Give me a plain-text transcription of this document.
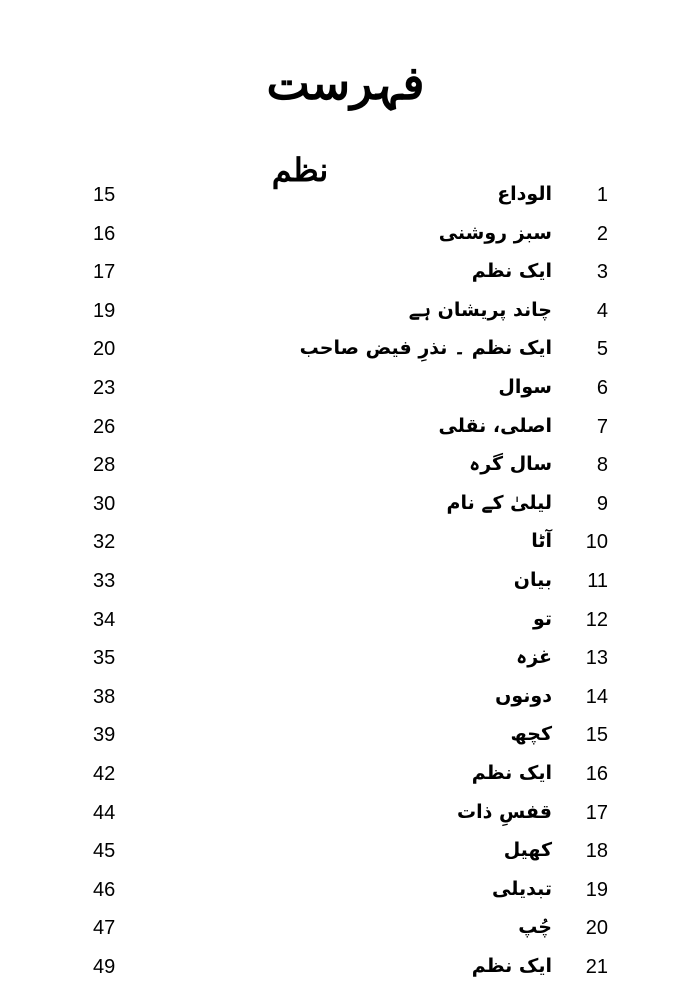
فہرست
نظم
1
الوداع
15
2
سبز روشنی
16
3
ایک نظم
17
4
چاند پریشان ہے
19
5
ایک نظم ۔ نذرِ فیض صاحب
20
6
سوال
23
7
اصلی، نقلی
26
8
سال گرہ
28
9
لیلیٰ کے نام
30
10
آٹا
32
11
بیان
33
12
تو
34
13
غزہ
35
14
دونوں
38
15
کچھ
39
16
ایک نظم
42
17
قفسِ ذات
44
18
کھیل
45
19
تبدیلی
46
20
چُپ
47
21
ایک نظم
49
